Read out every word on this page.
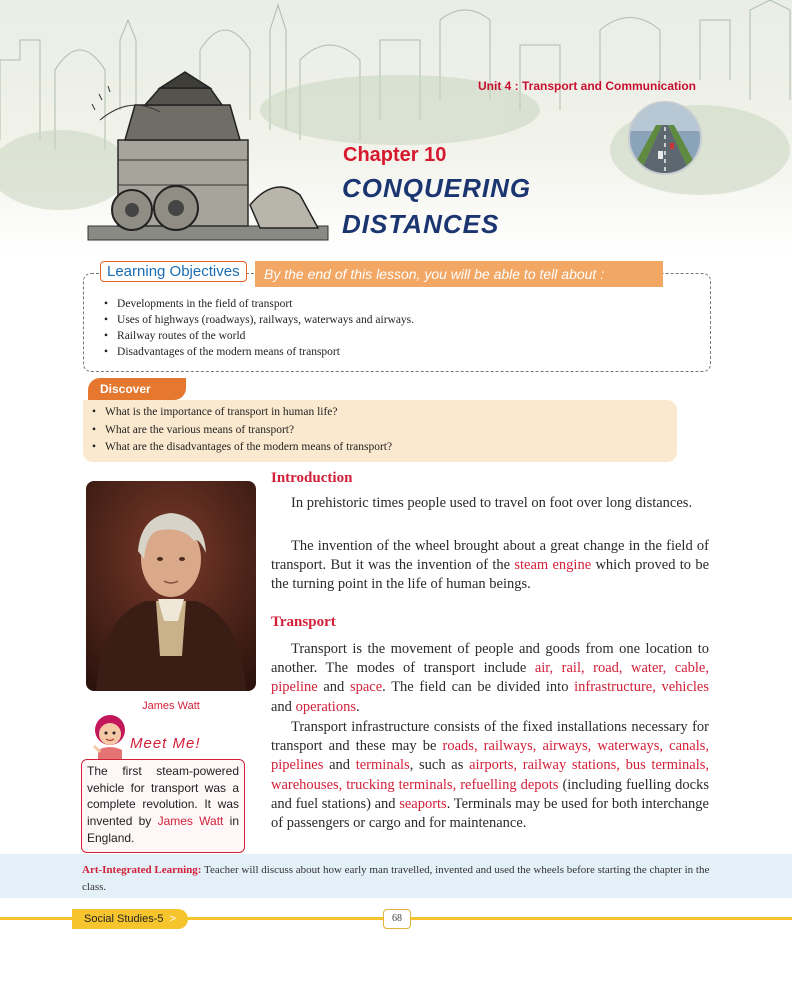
Unit 4 : Transport and Communication
Chapter 10
CONQUERING
DISTANCES
Learning Objectives	By the end of this lesson, you will be able to tell about :
• Developments in the field of transport
• Uses of highways (roadways), railways, waterways and airways.
• Railway routes of the world
• Disadvantages of the modern means of transport
Discover
• What is the importance of transport in human life?
• What are the various means of transport?
• What are the disadvantages of the modern means of transport?
James Watt
Meet Me!
The first steam-powered vehicle for transport was a complete revolution. It was invented by James Watt in England.
Introduction

In prehistoric times people used to travel on foot over long distances.

The invention of the wheel brought about a great change in the field of transport. But it was the invention of the steam engine which proved to be the turning point in the life of human beings.

Transport

Transport is the movement of people and goods from one location to another. The modes of transport include air, rail, road, water, cable, pipeline and space. The field can be divided into infrastructure, vehicles and operations.

Transport infrastructure consists of the fixed installations necessary for transport and these may be roads, railways, airways, waterways, canals, pipelines and terminals, such as airports, railway stations, bus terminals, warehouses, trucking terminals, refuelling depots (including fuelling docks and fuel stations) and seaports. Terminals may be used for both interchange of passengers or cargo and for maintenance.

Art-Integrated Learning: Teacher will discuss about how early man travelled, invented and used the wheels before starting the chapter in the class.

Social Studies-5 >	68
